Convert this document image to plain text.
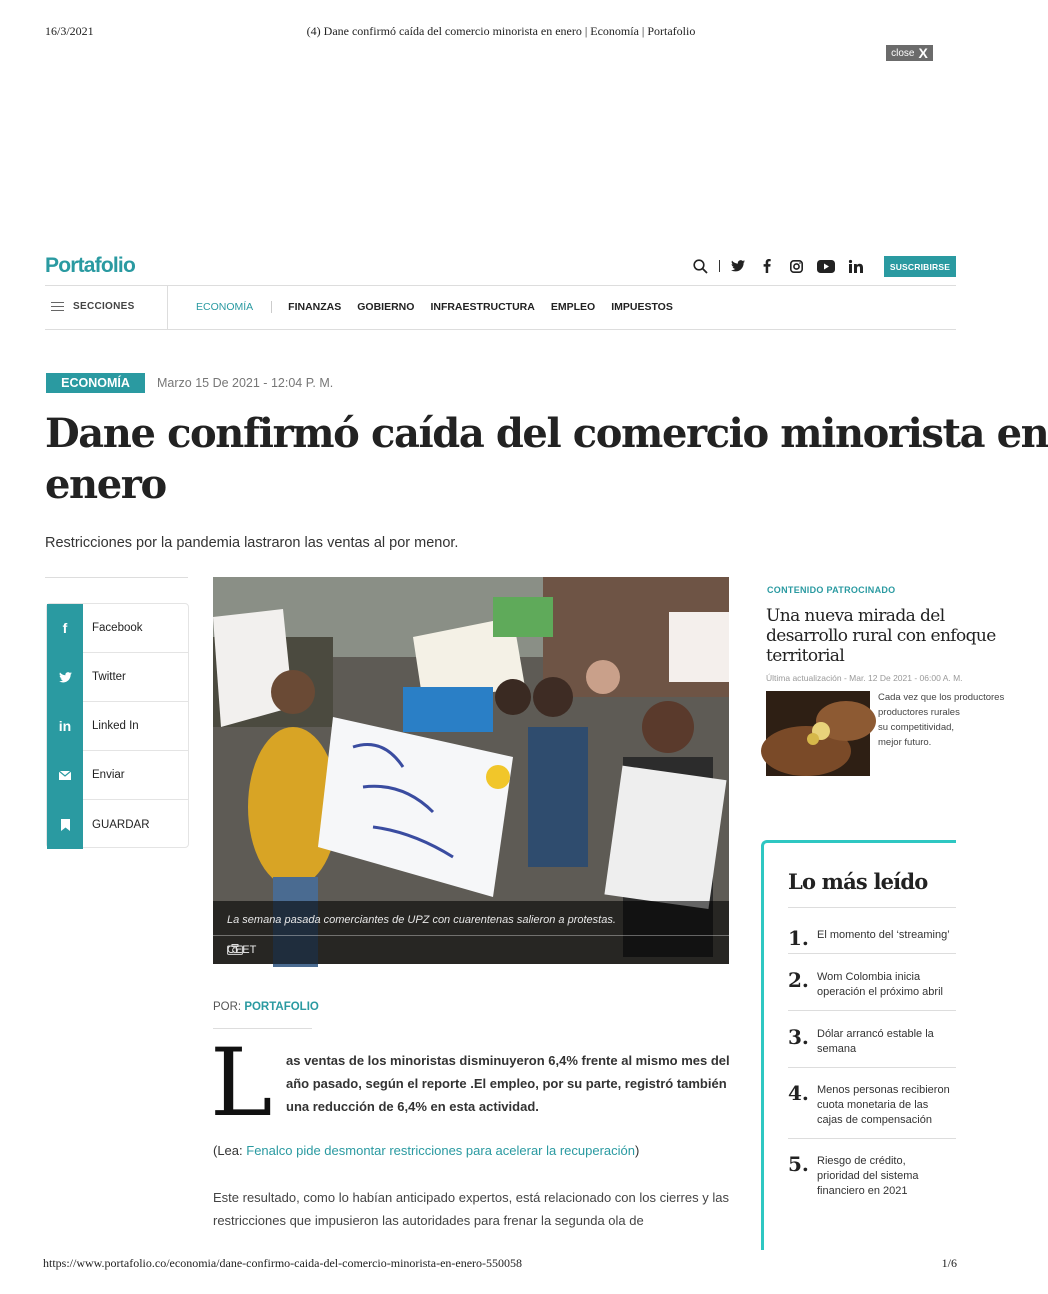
16/3/2021	(4) Dane confirmó caída del comercio minorista en enero | Economía | Portafolio
close X
Portafolio	SUSCRIBIRSE
SECCIONES	ECONOMÍA	FINANZAS GOBIERNO INFRAESTRUCTURA EMPLEO IMPUESTOS
ECONOMÍA	Marzo 15 De 2021 - 12:04 P. M.
Dane confirmó caída del comercio minorista en
enero

Restricciones por la pandemia lastraron las ventas al por menor.

f	Facebook
Twitter
in	Linked In
Enviar
GUARDAR
La semana pasada comerciantes de UPZ con cuarentenas salieron a protestas.
CEET
POR: PORTAFOLIO
L as ventas de los minoristas disminuyeron 6,4% frente al mismo mes del año pasado, según el reporte .El empleo, por su parte, registró también una reducción de 6,4% en esta actividad.

(Lea: Fenalco pide desmontar restricciones para acelerar la recuperación)

Este resultado, como lo habían anticipado expertos, está relacionado con los cierres y las restricciones que impusieron las autoridades para frenar la segunda ola de

CONTENIDO PATROCINADO
Una nueva mirada del
desarrollo rural con enfoque
territorial
Última actualización - Mar. 12 De 2021 - 06:00 A. M.
Cada vez que los productores
productores rurales
su competitividad,
mejor futuro.
Lo más leído
1. El momento del ‘streaming’
2. Wom Colombia inicia
operación el próximo abril
3. Dólar arrancó estable la
semana
4. Menos personas recibieron
cuota monetaria de las
cajas de compensación
5. Riesgo de crédito,
prioridad del sistema
financiero en 2021
https://www.portafolio.co/economia/dane-confirmo-caida-del-comercio-minorista-en-enero-550058	1/6
